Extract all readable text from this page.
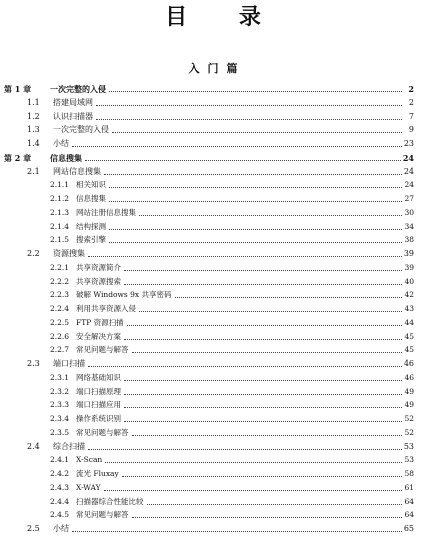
目 录
入门篇
第 1 章	一次完整的入侵	2
1.1	搭建局域网	2
1.2	认识扫描器	7
1.3	一次完整的入侵	9
1.4	小结	23
第 2 章	信息搜集	24
2.1	网站信息搜集	24
2.1.1 相关知识	24
2.1.2 信息搜集	27
2.1.3 网站注册信息搜集	30
2.1.4 结构探测	34
2.1.5 搜索引擎	38
2.2	资源搜集	39
2.2.1 共享资源简介	39
2.2.2 共享资源搜索	40
2.2.3 破解 Windows 9x 共享密码	42
2.2.4 利用共享资源入侵	43
2.2.5 FTP 资源扫描	44
2.2.6 安全解决方案	45
2.2.7 常见问题与解答	45
2.3	端口扫描	46
2.3.1 网络基础知识	46
2.3.2 端口扫描原理	49
2.3.3 端口扫描应用	49
2.3.4 操作系统识别	52
2.3.5 常见问题与解答	52
2.4	综合扫描	53
2.4.1 X-Scan	53
2.4.2 流光 Fluxay	58
2.4.3 X-WAY	61
2.4.4 扫描器综合性能比较	64
2.4.5 常见问题与解答	64
2.5	小结	65
